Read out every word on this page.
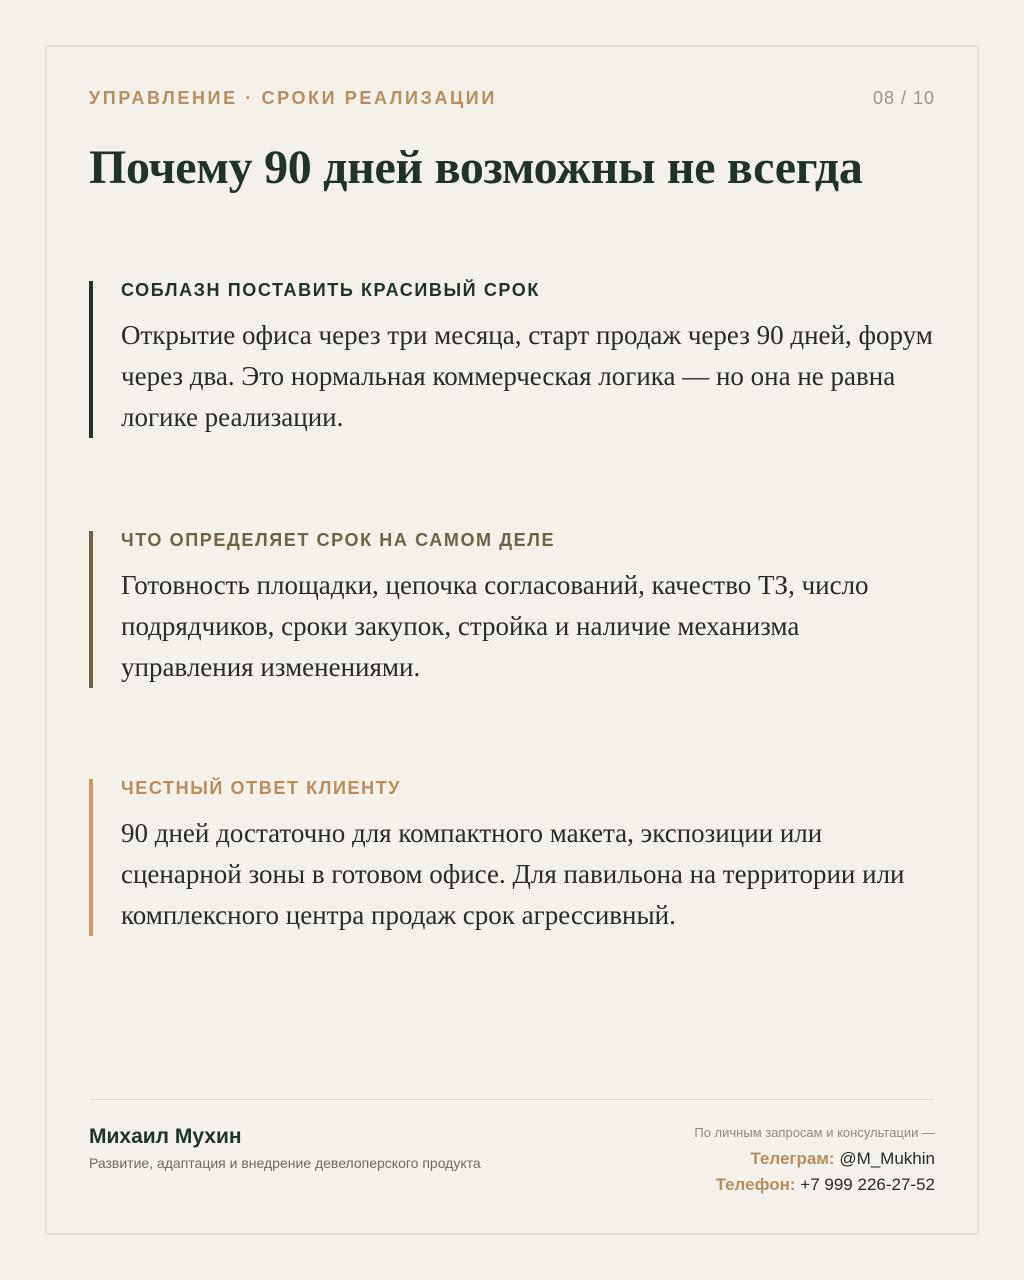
УПРАВЛЕНИЕ · СРОКИ РЕАЛИЗАЦИИ	08 / 10
Почему 90 дней возможны не всегда
СОБЛАЗН ПОСТАВИТЬ КРАСИВЫЙ СРОК

Открытие офиса через три месяца, старт продаж через 90 дней, форум через два. Это нормальная коммерческая логика — но она не равна логике реализации.

ЧТО ОПРЕДЕЛЯЕТ СРОК НА САМОМ ДЕЛЕ

Готовность площадки, цепочка согласований, качество ТЗ, число подрядчиков, сроки закупок, стройка и наличие механизма управления изменениями.

ЧЕСТНЫЙ ОТВЕТ КЛИЕНТУ

90 дней достаточно для компактного макета, экспозиции или сценарной зоны в готовом офисе. Для павильона на территории или комплексного центра продаж срок агрессивный.

Михаил Мухин
Развитие, адаптация и внедрение девелоперского продукта
По личным запросам и консультации —
Телеграм: @M_Mukhin
Телефон: +7 999 226-27-52
